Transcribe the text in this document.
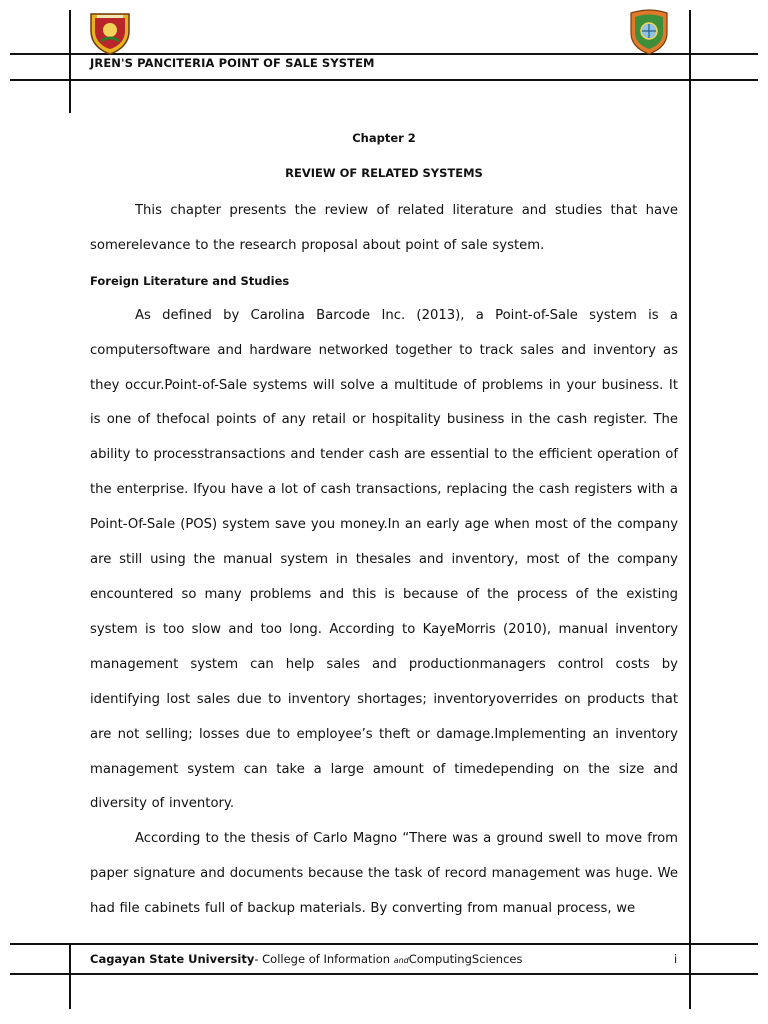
JREN'S PANCITERIA POINT OF SALE SYSTEM
Chapter 2
REVIEW OF RELATED SYSTEMS

This chapter presents the review of related literature and studies that have somerelevance to the research proposal about point of sale system.

Foreign Literature and Studies

As defined by Carolina Barcode Inc. (2013), a Point-of-Sale system is a computersoftware and hardware networked together to track sales and inventory as they occur.Point-of-Sale systems will solve a multitude of problems in your business. It is one of thefocal points of any retail or hospitality business in the cash register. The ability to processtransactions and tender cash are essential to the efficient operation of the enterprise. Ifyou have a lot of cash transactions, replacing the cash registers with a Point-Of-Sale (POS) system save you money.In an early age when most of the company are still using the manual system in thesales and inventory, most of the company encountered so many problems and this is because of the process of the existing system is too slow and too long. According to KayeMorris (2010), manual inventory management system can help sales and productionmanagers control costs by identifying lost sales due to inventory shortages; inventoryoverrides on products that are not selling; losses due to employee’s theft or damage.Implementing an inventory management system can take a large amount of timedepending on the size and diversity of inventory.

According to the thesis of Carlo Magno “There was a ground swell to move from paper signature and documents because the task of record management was huge. We had file cabinets full of backup materials. By converting from manual process, we

Cagayan State University- College of Information andComputingSciences	i
